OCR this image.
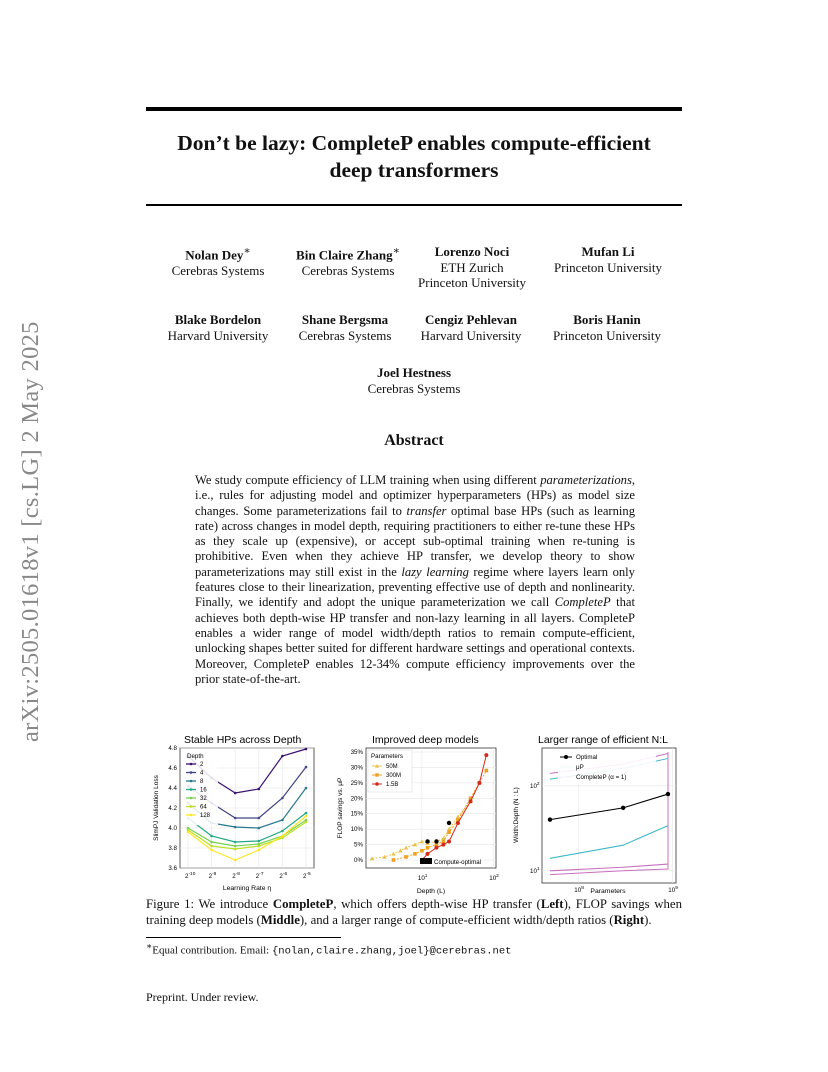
arXiv:2505.01618v1 [cs.LG] 2 May 2025
Don’t be lazy: CompleteP enables compute-efficient
deep transformers
Nolan Dey∗
Cerebras Systems
Bin Claire Zhang∗
Cerebras Systems
Lorenzo Noci
ETH Zurich
Princeton University
Mufan Li
Princeton University
Blake Bordelon
Harvard University
Shane Bergsma
Cerebras Systems
Cengiz Pehlevan
Harvard University
Boris Hanin
Princeton University
Joel Hestness
Cerebras Systems
Abstract
We study compute efficiency of LLM training when using different parameterizations, i.e., rules for adjusting model and optimizer hyperparameters (HPs) as model size changes. Some parameterizations fail to transfer optimal base HPs (such as learning rate) across changes in model depth, requiring practitioners to either re-tune these HPs as they scale up (expensive), or accept sub-optimal training when re-tuning is prohibitive. Even when they achieve HP transfer, we develop theory to show parameterizations may still exist in the lazy learning regime where layers learn only features close to their linearization, preventing effective use of depth and nonlinearity. Finally, we identify and adopt the unique parameterization we call CompleteP that achieves both depth-wise HP transfer and non-lazy learning in all layers. CompleteP enables a wider range of model width/depth ratios to remain compute-efficient, unlocking shapes better suited for different hardware settings and operational contexts. Moreover, CompleteP enables 12-34% compute efficiency improvements over the prior state-of-the-art.
Stable HPs across Depth
4.8
4.6
4.4
4.2
4.0
3.8
3.6
$2^{-10}$ $2^{-9}$	$2^{-8}$	$2^{-7}$	$2^{-6}$	$2^{-5}$
SlimPJ Validation Loss
Learning Rate η
Depth
2
4
8
16
32
64
128
Improved deep models
35%
30%
25%
20%
15%
10%
5%
0%
$10^1$	$10^2$
FLOP savings vs. μP
Depth (L)
Parameters
50M
300M
1.5B
Compute-optimal
Larger range of efficient N:L
$10^2$
$10^1$
$10^8$	$10^9$
Width:Depth (N : L)
Parameters
Optimal
μP
CompleteP (α = 1)
Figure 1: We introduce CompleteP, which offers depth-wise HP transfer (Left), FLOP savings when training deep models (Middle), and a larger range of compute-efficient width/depth ratios (Right).
∗Equal contribution. Email: {nolan,claire.zhang,joel}@cerebras.net
Preprint. Under review.
